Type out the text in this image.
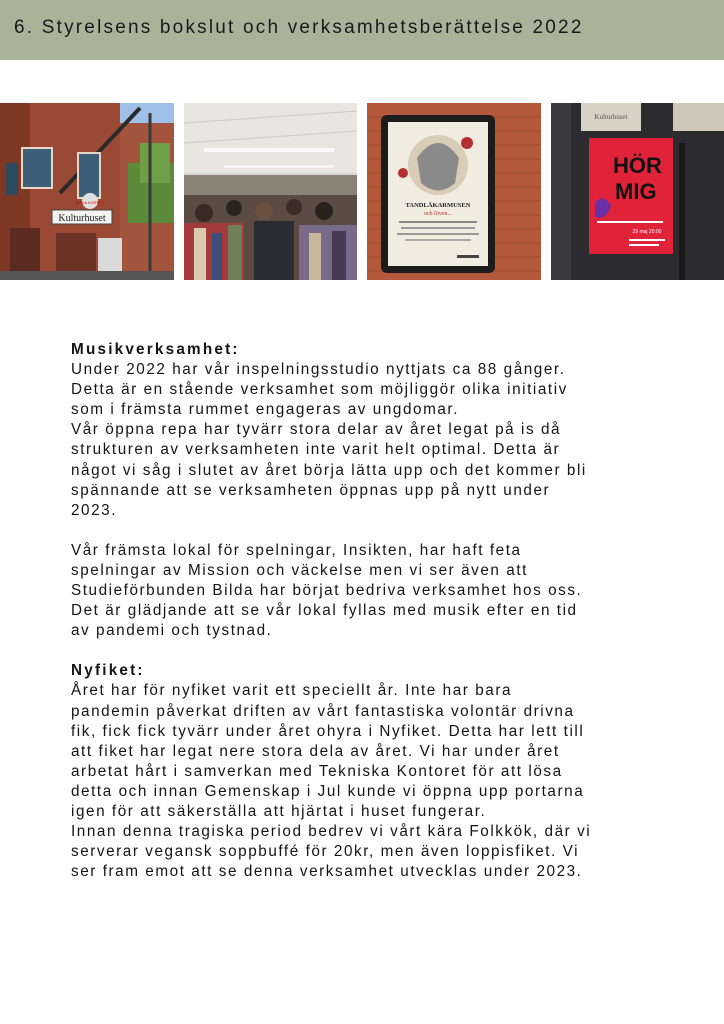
6. Styrelsens bokslut och verksamhetsberättelse 2022
RÖDA KORSET
Kulturhuset
TANDLÄKARMUSEN
och löven...
Kulturhuset
HÖR
MIG
29 maj 20:00

Musikverksamhet:

Under 2022 har vår inspelningsstudio nyttjats ca 88 gånger.

Detta är en stående verksamhet som möjliggör olika initiativ

som i främsta rummet engageras av ungdomar.

Vår öppna repa har tyvärr stora delar av året legat på is då

strukturen av verksamheten inte varit helt optimal. Detta är

något vi såg i slutet av året börja lätta upp och det kommer bli

spännande att se verksamheten öppnas upp på nytt under

2023.

Vår främsta lokal för spelningar, Insikten, har haft feta

spelningar av Mission och väckelse men vi ser även att

Studieförbunden Bilda har börjat bedriva verksamhet hos oss.

Det är glädjande att se vår lokal fyllas med musik efter en tid

av pandemi och tystnad.

Nyfiket:

Året har för nyfiket varit ett speciellt år. Inte har bara

pandemin påverkat driften av vårt fantastiska volontär drivna

fik, fick fick tyvärr under året ohyra i Nyfiket. Detta har lett till

att fiket har legat nere stora dela av året. Vi har under året

arbetat hårt i samverkan med Tekniska Kontoret för att lösa

detta och innan Gemenskap i Jul kunde vi öppna upp portarna

igen för att säkerställa att hjärtat i huset fungerar.

Innan denna tragiska period bedrev vi vårt kära Folkkök, där vi

serverar vegansk soppbuffé för 20kr, men även loppisfiket. Vi

ser fram emot att se denna verksamhet utvecklas under 2023.
